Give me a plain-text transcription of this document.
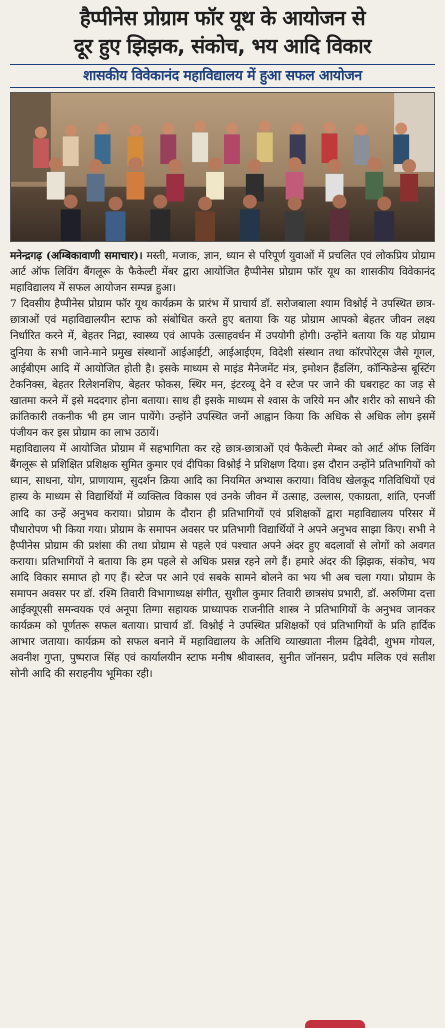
हैप्पीनेस प्रोग्राम फॉर यूथ के आयोजन से
दूर हुए झिझक, संकोच, भय आदि विकार
शासकीय विवेकानंद महाविद्यालय में हुआ सफल आयोजन

मनेन्द्रगढ़ (अम्बिकावाणी समाचार)। मस्ती, मजाक, ज्ञान, ध्यान से परिपूर्ण युवाओं में प्रचलित एवं लोकप्रिय प्रोग्राम आर्ट ऑफ लिविंग बैंगलूरू के फैकेल्टी मेंबर द्वारा आयोजित हैप्पीनेस प्रोग्राम फॉर यूथ का शासकीय विवेकानंद महाविद्यालय में सफल आयोजन सम्पन्न हुआ।

7 दिवसीय हैप्पीनेस प्रोग्राम फॉर यूथ कार्यक्रम के प्रारंभ में प्राचार्य डॉ. सरोजबाला श्याम विश्नोई ने उपस्थित छात्र-छात्राओं एवं महाविद्यालयीन स्टाफ को संबोधित करते हुए बताया कि यह प्रोग्राम आपको बेहतर जीवन लक्ष्य निर्धारित करने में, बेहतर निद्रा, स्वास्थ्य एवं आपके उत्साहवर्धन में उपयोगी होगी। उन्होंने बताया कि यह प्रोग्राम दुनिया के सभी जाने-माने प्रमुख संस्थानों आईआईटी, आईआईएम, विदेशी संस्थान तथा कॉरपोरेट्स जैसे गूगल, आईबीएम आदि में आयोजित होती है। इसके माध्यम से माइंड मैनेजमेंट मंत्र, इमोशन हैंडलिंग, कॉन्फिडेन्स बूस्टिंग टेकनिक्स, बेहतर रिलेशनशिप, बेहतर फोकस, स्थिर मन, इंटरव्यू देने व स्टेज पर जाने की घबराहट का जड़ से खातमा करने में इसे मददगार होना बताया। साथ ही इसके माध्यम से श्वास के जरिये मन और शरीर को साधने की क्रांतिकारी तकनीक भी हम जान पायेंगे। उन्होंने उपस्थित जनों आह्वान किया कि अधिक से अधिक लोग इसमें पंजीयन कर इस प्रोग्राम का लाभ उठायें।

महाविद्यालय में आयोजित प्रोग्राम में सहभागिता कर रहे छात्र-छात्राओं एवं फैकेल्टी मेम्बर को आर्ट ऑफ लिविंग बैंगलूरू से प्रशिक्षित प्रशिक्षक सुमित कुमार एवं दीपिका विश्नोई ने प्रशिक्षण दिया। इस दौरान उन्होंने प्रतिभागियों को ध्यान, साधना, योग, प्राणायाम, सुदर्शन क्रिया आदि का नियमित अभ्यास कराया। विविध खेलकूद गतिविधियों एवं हास्य के माध्यम से विद्यार्थियों में व्यक्तित्व विकास एवं उनके जीवन में उत्साह, उल्लास, एकाग्रता, शांति, एनर्जी आदि का उन्हें अनुभव कराया। प्रोग्राम के दौरान ही प्रतिभागियों एवं प्रशिक्षकों द्वारा महाविद्यालय परिसर में पौधारोपण भी किया गया। प्रोग्राम के समापन अवसर पर प्रतिभागी विद्यार्थियों ने अपने अनुभव साझा किए। सभी ने हैप्पीनेस प्रोग्राम की प्रशंसा की तथा प्रोग्राम से पहले एवं पश्चात अपने अंदर हुए बदलावों से लोगों को अवगत कराया। प्रतिभागियों ने बताया कि हम पहले से अधिक प्रसन्न रहने लगे हैं। हमारे अंदर की झिझक, संकोच, भय आदि विकार समाप्त हो गए हैं। स्टेज पर आने एवं सबके सामने बोलने का भय भी अब चला गया। प्रोग्राम के समापन अवसर पर डॉ. रश्मि तिवारी विभागाध्यक्ष संगीत, सुशील कुमार तिवारी छात्रसंघ प्रभारी, डॉ. अरुणिमा दत्ता आईक्यूएसी समन्वयक एवं अनूपा तिग्गा सहायक प्राध्यापक राजनीति शास्त्र ने प्रतिभागियों के अनुभव जानकर कार्यक्रम को पूर्णतरू सफल बताया। प्राचार्य डॉ. विश्नोई ने उपस्थित प्रशिक्षकों एवं प्रतिभागियों के प्रति हार्दिक आभार जताया। कार्यक्रम को सफल बनाने में महाविद्यालय के अतिथि व्याख्याता नीलम द्विवेदी, शुभम गोयल, अवनीश गुप्ता, पुष्पराज सिंह एवं कार्यालयीन स्टाफ मनीष श्रीवास्तव, सुनीत जॉनसन, प्रदीप मलिक एवं सतीश सोनी आदि की सराहनीय भूमिका रही।
